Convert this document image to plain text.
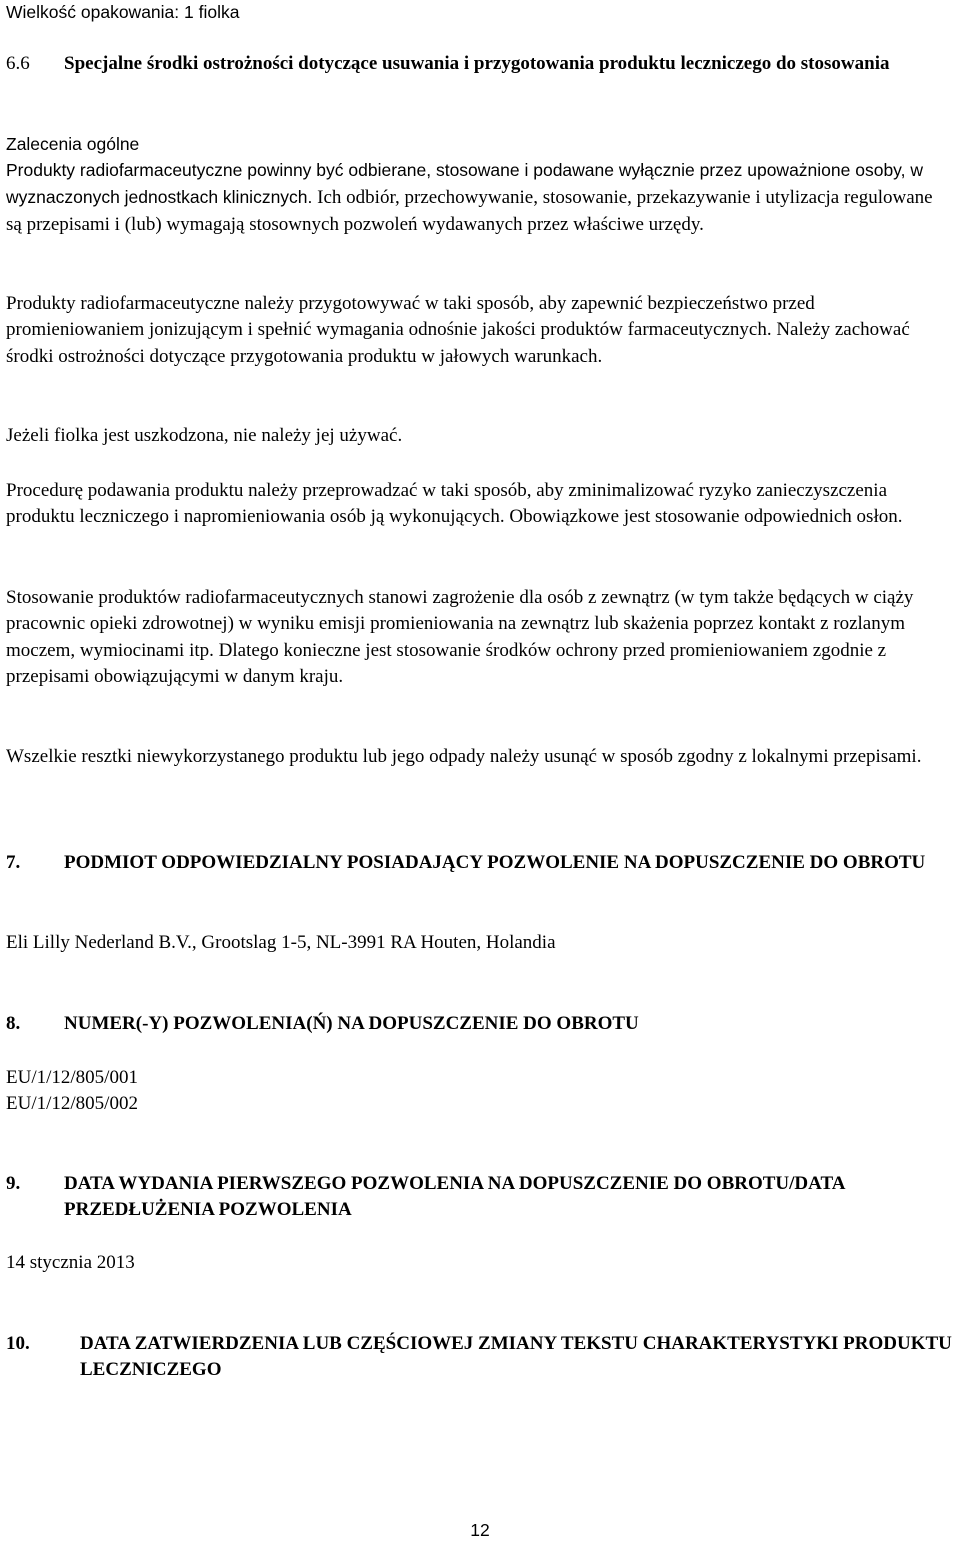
Wielkość opakowania: 1 fiolka
6.6 Specjalne środki ostrożności dotyczące usuwania i przygotowania produktu leczniczego do stosowania
Zalecenia ogólne

Produkty radiofarmaceutyczne powinny być odbierane, stosowane i podawane wyłącznie przez upoważnione osoby, w wyznaczonych jednostkach klinicznych. Ich odbiór, przechowywanie, stosowanie, przekazywanie i utylizacja regulowane są przepisami i (lub) wymagają stosownych pozwoleń wydawanych przez właściwe urzędy.

Produkty radiofarmaceutyczne należy przygotowywać w taki sposób, aby zapewnić bezpieczeństwo przed promieniowaniem jonizującym i spełnić wymagania odnośnie jakości produktów farmaceutycznych. Należy zachować środki ostrożności dotyczące przygotowania produktu w jałowych warunkach.

Jeżeli fiolka jest uszkodzona, nie należy jej używać.

Procedurę podawania produktu należy przeprowadzać w taki sposób, aby zminimalizować ryzyko zanieczyszczenia produktu leczniczego i napromieniowania osób ją wykonujących. Obowiązkowe jest stosowanie odpowiednich osłon.

Stosowanie produktów radiofarmaceutycznych stanowi zagrożenie dla osób z zewnątrz (w tym także będących w ciąży pracownic opieki zdrowotnej) w wyniku emisji promieniowania na zewnątrz lub skażenia poprzez kontakt z rozlanym moczem, wymiocinami itp. Dlatego konieczne jest stosowanie środków ochrony przed promieniowaniem zgodnie z przepisami obowiązującymi w danym kraju.

Wszelkie resztki niewykorzystanego produktu lub jego odpady należy usunąć w sposób zgodny z lokalnymi przepisami.

7. PODMIOT ODPOWIEDZIALNY POSIADAJĄCY POZWOLENIE NA DOPUSZCZENIE DO OBROTU
Eli Lilly Nederland B.V., Grootslag 1-5, NL-3991 RA Houten, Holandia
8. NUMER(-Y) POZWOLENIA(Ń) NA DOPUSZCZENIE DO OBROTU
EU/1/12/805/001
EU/1/12/805/002
9. DATA WYDANIA PIERWSZEGO POZWOLENIA NA DOPUSZCZENIE DO OBROTU/DATA PRZEDŁUŻENIA POZWOLENIA
14 stycznia 2013
10.	DATA ZATWIERDZENIA LUB CZĘŚCIOWEJ ZMIANY TEKSTU CHARAKTERYSTYKI PRODUKTU LECZNICZEGO
12
